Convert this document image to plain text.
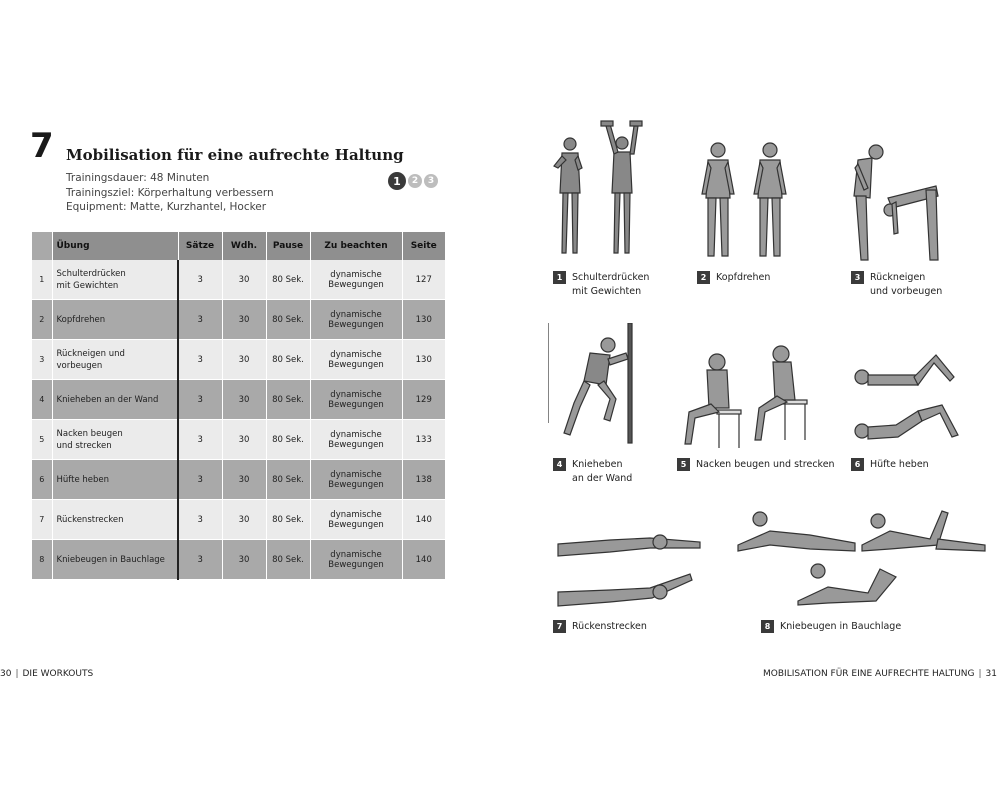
7 Mobilisation für eine aufrechte Haltung
Trainingsdauer: 48 Minuten
Trainingsziel: Körperhaltung verbessern
Equipment: Matte, Kurzhantel, Hocker
1	2	3
	Übung	Sätze	Wdh.	Pause	Zu beachten	Seite
1	Schulterdrücken
mit Gewichten	3	30	80 Sek.	dynamische
Bewegungen	127
2	Kopfdrehen	3	30	80 Sek.	dynamische
Bewegungen	130
3	Rückneigen und vorbeugen	3	30	80 Sek.	dynamische
Bewegungen	130
4	Knieheben an der Wand	3	30	80 Sek.	dynamische
Bewegungen	129
5	Nacken beugen
und strecken	3	30	80 Sek.	dynamische
Bewegungen	133
6	Hüfte heben	3	30	80 Sek.	dynamische
Bewegungen	138
7	Rückenstrecken	3	30	80 Sek.	dynamische
Bewegungen	140
8	Kniebeugen in Bauchlage	3	30	80 Sek.	dynamische
Bewegungen	140
1	Schulterdrücken
mit Gewichten
2	Kopfdrehen	3	Rückneigen
und vorbeugen
4	Knieheben
an der Wand
5	Nacken beugen und strecken	6	Hüfte heben
7	Rückenstrecken	8	Kniebeugen in Bauchlage
30 | DIE WORKOUTS	MOBILISATION FÜR EINE AUFRECHTE HALTUNG | 31
